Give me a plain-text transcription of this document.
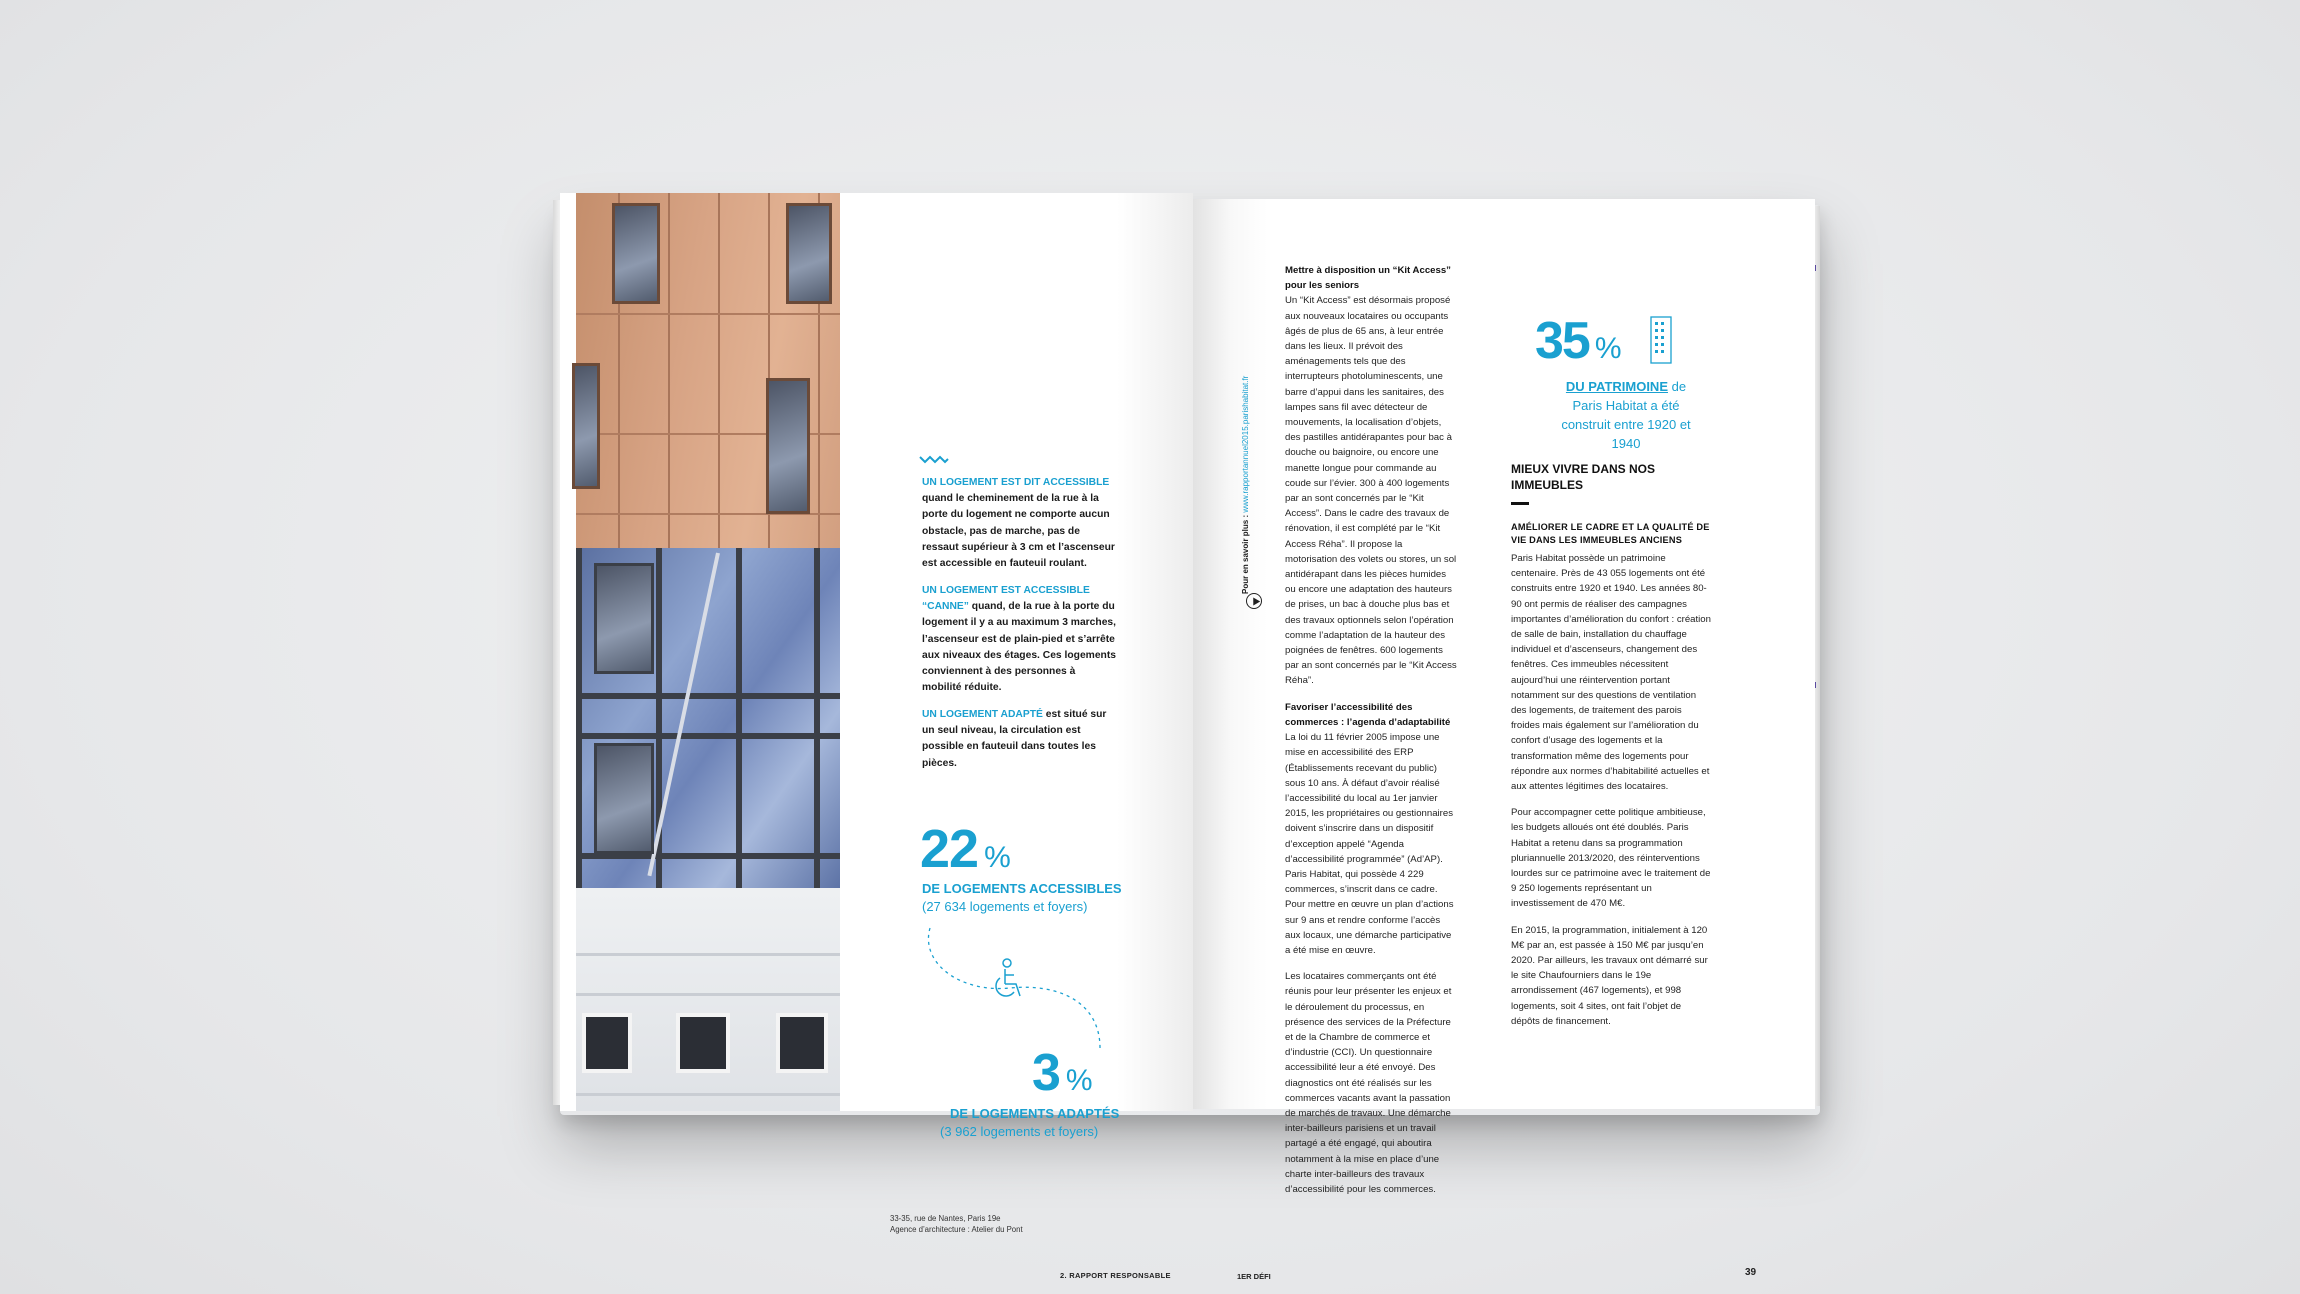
UN LOGEMENT EST DIT ACCESSIBLE quand le cheminement de la rue à la porte du logement ne comporte aucun obstacle, pas de marche, pas de ressaut supérieur à 3 cm et l’ascenseur est accessible en fauteuil roulant.
UN LOGEMENT EST ACCESSIBLE “CANNE” quand, de la rue à la porte du logement il y a au maximum 3 marches, l’ascenseur est de plain-pied et s’arrête aux niveaux des étages. Ces logements conviennent à des personnes à mobilité réduite.
UN LOGEMENT ADAPTÉ est situé sur un seul niveau, la circulation est possible en fauteuil dans toutes les pièces.
22 %
DE LOGEMENTS ACCESSIBLES
(27 634 logements et foyers)
3 %
DE LOGEMENTS ADAPTÉS
(3 962 logements et foyers)
33-35, rue de Nantes, Paris 19e
Agence d’architecture : Atelier du Pont
2. RAPPORT RESPONSABLE
Pour en savoir plus : www.rapportannuel2015.parishabitat.fr

Mettre à disposition un “Kit Access” pour les seniors

Un “Kit Access” est désormais proposé aux nouveaux locataires ou occupants âgés de plus de 65 ans, à leur entrée dans les lieux. Il prévoit des aménagements tels que des interrupteurs photoluminescents, une barre d’appui dans les sanitaires, des lampes sans fil avec détecteur de mouvements, la localisation d’objets, des pastilles antidérapantes pour bac à douche ou baignoire, ou encore une manette longue pour commande au coude sur l’évier. 300 à 400 logements par an sont concernés par le “Kit Access”. Dans le cadre des travaux de rénovation, il est complété par le “Kit Access Réha”. Il propose la motorisation des volets ou stores, un sol antidérapant dans les pièces humides ou encore une adaptation des hauteurs de prises, un bac à douche plus bas et des travaux optionnels selon l’opération comme l’adaptation de la hauteur des poignées de fenêtres. 600 logements par an sont concernés par le “Kit Access Réha”.

Favoriser l’accessibilité des commerces : l’agenda d’adaptabilité

La loi du 11 février 2005 impose une mise en accessibilité des ERP (Établissements recevant du public) sous 10 ans. À défaut d’avoir réalisé l’accessibilité du local au 1er janvier 2015, les propriétaires ou gestionnaires doivent s’inscrire dans un dispositif d’exception appelé “Agenda d’accessibilité programmée” (Ad’AP). Paris Habitat, qui possède 4 229 commerces, s’inscrit dans ce cadre. Pour mettre en œuvre un plan d’actions sur 9 ans et rendre conforme l’accès aux locaux, une démarche participative a été mise en œuvre.

Les locataires commerçants ont été réunis pour leur présenter les enjeux et le déroulement du processus, en présence des services de la Préfecture et de la Chambre de commerce et d’industrie (CCI). Un questionnaire accessibilité leur a été envoyé. Des diagnostics ont été réalisés sur les commerces vacants avant la passation de marchés de travaux. Une démarche inter-bailleurs parisiens et un travail partagé a été engagé, qui aboutira notamment à la mise en place d’une charte inter-bailleurs des travaux d’accessibilité pour les commerces.

35 %
DU PATRIMOINE de Paris Habitat a été construit entre 1920 et 1940
MIEUX VIVRE DANS NOS IMMEUBLES
AMÉLIORER LE CADRE ET LA QUALITÉ DE VIE DANS LES IMMEUBLES ANCIENS

Paris Habitat possède un patrimoine centenaire. Près de 43 055 logements ont été construits entre 1920 et 1940. Les années 80-90 ont permis de réaliser des campagnes importantes d’amélioration du confort : création de salle de bain, installation du chauffage individuel et d’ascenseurs, changement des fenêtres. Ces immeubles nécessitent aujourd’hui une réintervention portant notamment sur des questions de ventilation des logements, de traitement des parois froides mais également sur l’amélioration du confort d’usage des logements et la transformation même des logements pour répondre aux normes d’habitabilité actuelles et aux attentes légitimes des locataires.

Pour accompagner cette politique ambitieuse, les budgets alloués ont été doublés. Paris Habitat a retenu dans sa programmation pluriannuelle 2013/2020, des réinterventions lourdes sur ce patrimoine avec le traitement de 9 250 logements représentant un investissement de 470 M€.

En 2015, la programmation, initialement à 120 M€ par an, est passée à 150 M€ par jusqu’en 2020. Par ailleurs, les travaux ont démarré sur le site Chaufourniers dans le 19e arrondissement (467 logements), et 998 logements, soit 4 sites, ont fait l’objet de dépôts de financement.

1ER DÉFI	39
